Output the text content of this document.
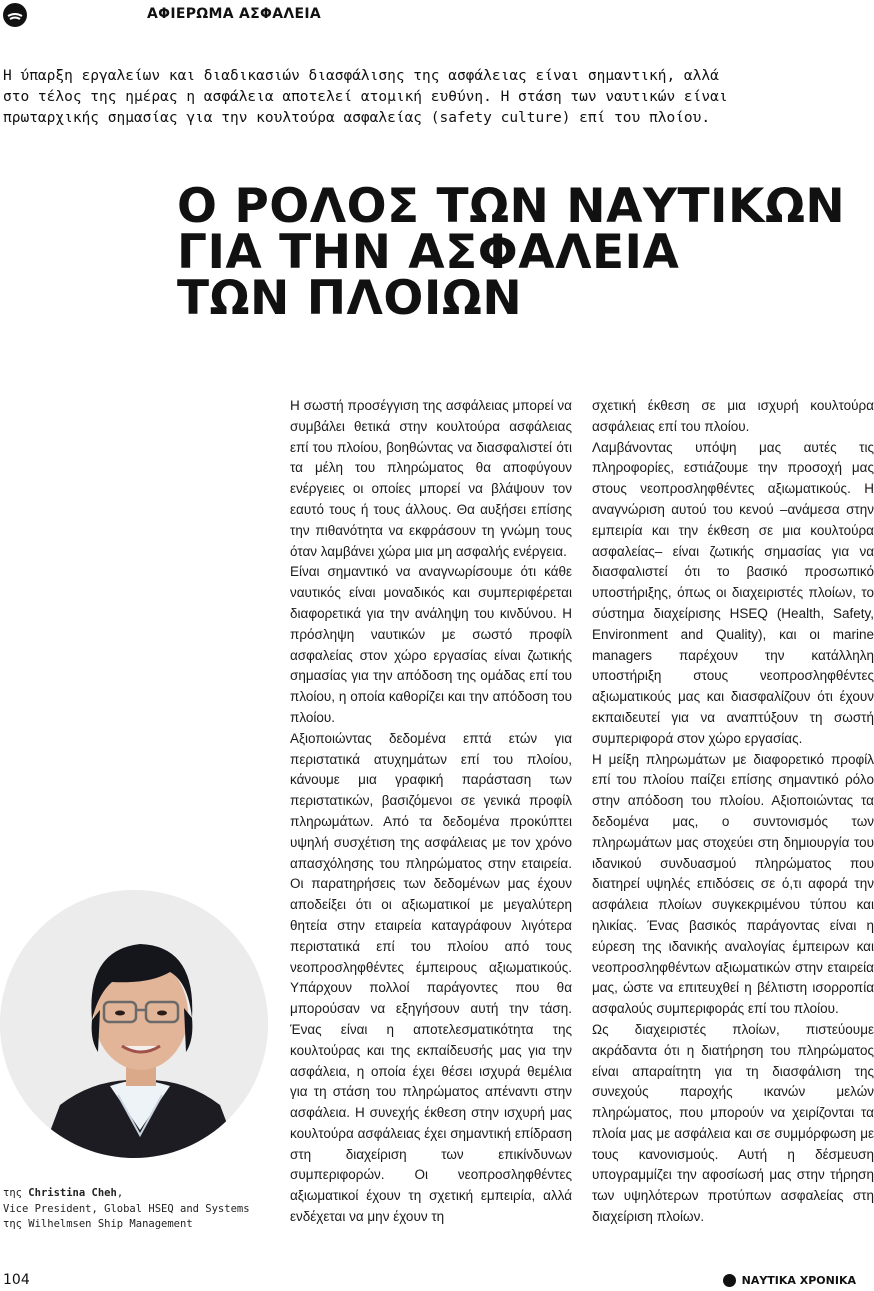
ΑΦΙΕΡΩΜΑ ΑΣΦΑΛΕΙΑ

Η ύπαρξη εργαλείων και διαδικασιών διασφάλισης της ασφάλειας είναι σημαντική, αλλά
στο τέλος της ημέρας η ασφάλεια αποτελεί ατομική ευθύνη. Η στάση των ναυτικών είναι
πρωταρχικής σημασίας για την κουλτούρα ασφαλείας (safety culture) επί του πλοίου.

Ο ΡΟΛΟΣ ΤΩΝ ΝΑΥΤΙΚΩΝ
ΓΙΑ ΤΗΝ ΑΣΦΑΛΕΙΑ
ΤΩΝ ΠΛΟΙΩΝ

Η σωστή προσέγγιση της ασφάλειας μπορεί να συμβάλει θετικά στην κουλτούρα ασφάλειας επί του πλοίου, βοηθώντας να διασφαλιστεί ότι τα μέλη του πληρώματος θα αποφύγουν ενέργειες οι οποίες μπορεί να βλάψουν τον εαυτό τους ή τους άλλους. Θα αυξήσει επίσης την πιθανότητα να εκφράσουν τη γνώμη τους όταν λαμβάνει χώρα μια μη ασφαλής ενέργεια.

Είναι σημαντικό να αναγνωρίσουμε ότι κάθε ναυτικός είναι μοναδικός και συμπεριφέρεται διαφορετικά για την ανάληψη του κινδύνου. Η πρόσληψη ναυτικών με σωστό προφίλ ασφαλείας στον χώρο εργασίας είναι ζωτικής σημασίας για την απόδοση της ομάδας επί του πλοίου, η οποία καθορίζει και την απόδοση του πλοίου.

Αξιοποιώντας δεδομένα επτά ετών για περιστατικά ατυχημάτων επί του πλοίου, κάνουμε μια γραφική παράσταση των περιστατικών, βασιζόμενοι σε γενικά προφίλ πληρωμάτων. Από τα δεδομένα προκύπτει υψηλή συσχέτιση της ασφάλειας με τον χρόνο απασχόλησης του πληρώματος στην εταιρεία. Οι παρατηρήσεις των δεδομένων μας έχουν αποδείξει ότι οι αξιωματικοί με μεγαλύτερη θητεία στην εταιρεία καταγράφουν λιγότερα περιστατικά επί του πλοίου από τους νεοπροσληφθέντες έμπειρους αξιωματικούς. Υπάρχουν πολλοί παράγοντες που θα μπορούσαν να εξηγήσουν αυτή την τάση. Ένας είναι η αποτελεσματικότητα της κουλτούρας και της εκπαίδευσής μας για την ασφάλεια, η οποία έχει θέσει ισχυρά θεμέλια για τη στάση του πληρώματος απέναντι στην ασφάλεια. Η συνεχής έκθεση στην ισχυρή μας κουλτούρα ασφάλειας έχει σημαντική επίδραση στη διαχείριση των επικίνδυνων συμπεριφορών. Οι νεοπροσληφθέντες αξιωματικοί έχουν τη σχετική εμπειρία, αλλά ενδέχεται να μην έχουν τη

σχετική έκθεση σε μια ισχυρή κουλτούρα ασφάλειας επί του πλοίου.

Λαμβάνοντας υπόψη μας αυτές τις πληροφορίες, εστιάζουμε την προσοχή μας στους νεοπροσληφθέντες αξιωματικούς. Η αναγνώριση αυτού του κενού –ανάμεσα στην εμπειρία και την έκθεση σε μια κουλτούρα ασφαλείας– είναι ζωτικής σημασίας για να διασφαλιστεί ότι το βασικό προσωπικό υποστήριξης, όπως οι διαχειριστές πλοίων, το σύστημα διαχείρισης HSEQ (Health, Safety, Environment and Quality), και οι marine managers παρέχουν την κατάλληλη υποστήριξη στους νεοπροσληφθέντες αξιωματικούς μας και διασφαλίζουν ότι έχουν εκπαιδευτεί για να αναπτύξουν τη σωστή συμπεριφορά στον χώρο εργασίας.

Η μείξη πληρωμάτων με διαφορετικό προφίλ επί του πλοίου παίζει επίσης σημαντικό ρόλο στην απόδοση του πλοίου. Αξιοποιώντας τα δεδομένα μας, ο συντονισμός των πληρωμάτων μας στοχεύει στη δημιουργία του ιδανικού συνδυασμού πληρώματος που διατηρεί υψηλές επιδόσεις σε ό,τι αφορά την ασφάλεια πλοίων συγκεκριμένου τύπου και ηλικίας. Ένας βασικός παράγοντας είναι η εύρεση της ιδανικής αναλογίας έμπειρων και νεοπροσληφθέντων αξιωματικών στην εταιρεία μας, ώστε να επιτευχθεί η βέλτιστη ισορροπία ασφαλούς συμπεριφοράς επί του πλοίου.

Ως διαχειριστές πλοίων, πιστεύουμε ακράδαντα ότι η διατήρηση του πληρώματος είναι απαραίτητη για τη διασφάλιση της συνεχούς παροχής ικανών μελών πληρώματος, που μπορούν να χειρίζονται τα πλοία μας με ασφάλεια και σε συμμόρφωση με τους κανονισμούς. Αυτή η δέσμευση υπογραμμίζει την αφοσίωσή μας στην τήρηση των υψηλότερων προτύπων ασφαλείας στη διαχείριση πλοίων.

της Christina Cheh,
Vice President, Global HSEQ and Systems
της Wilhelmsen Ship Management
104	ΝΑΥΤΙΚΑ ΧΡΟΝΙΚΑ
